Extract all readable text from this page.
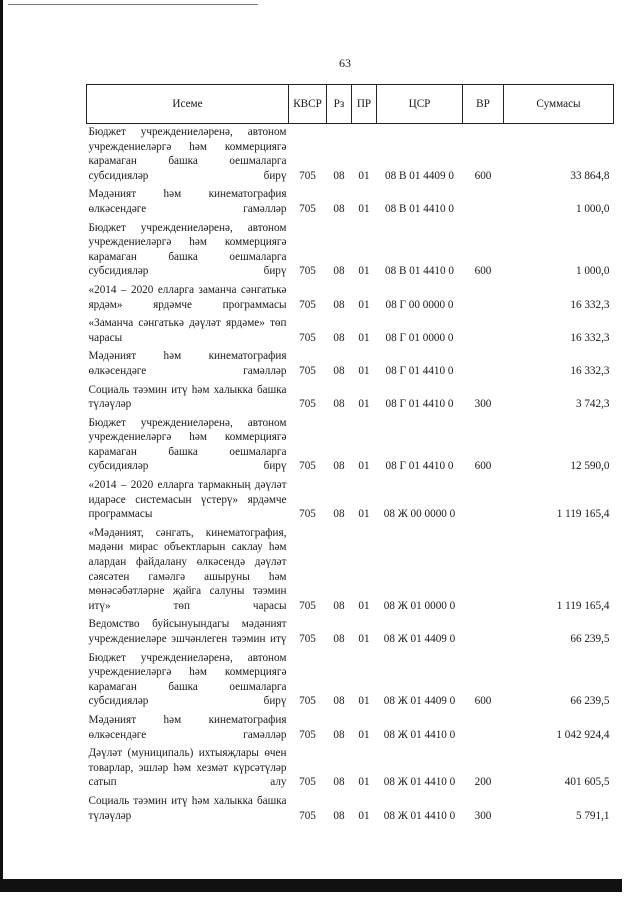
63
Исеме	КВСР	Рз	ПР	ЦСР	ВР	Суммасы
Бюджет учреждениеләренә, автоном учреждениеләргә һәм коммерциягә карамаган башка оешмаларга субсидияләр бирү	705	08	01	08 В 01 4409 0	600	33 864,8
Мәдәният һәм кинематография өлкәсендәге гамәлләр	705	08	01	08 В 01 4410 0		1 000,0
Бюджет учреждениеләренә, автоном учреждениеләргә һәм коммерциягә карамаган башка оешмаларга субсидияләр бирү	705	08	01	08 В 01 4410 0	600	1 000,0
«2014 – 2020 елларга заманча сәнгатькә ярдәм» ярдәмче программасы	705	08	01	08 Г 00 0000 0		16 332,3
«Заманча сәнгатькә дәүләт ярдәме» төп чарасы	705	08	01	08 Г 01 0000 0		16 332,3
Мәдәният һәм кинематография өлкәсендәге гамәлләр	705	08	01	08 Г 01 4410 0		16 332,3
Социаль тәэмин итү һәм халыкка башка түләүләр	705	08	01	08 Г 01 4410 0	300	3 742,3
Бюджет учреждениеләренә, автоном учреждениеләргә һәм коммерциягә карамаган башка оешмаларга субсидияләр бирү	705	08	01	08 Г 01 4410 0	600	12 590,0
«2014 – 2020 елларга тармакның дәүләт идарәсе системасын үстерү» ярдәмче программасы	705	08	01	08 Ж 00 0000 0		1 119 165,4
«Мәдәният, сәнгать, кинематография, мәдәни мирас объектларын саклау һәм алардан файдалану өлкәсендә дәүләт сәясәтен гамәлгә ашыруны һәм мөнәсәбәтләрне җайга салуны тәэмин итү» төп чарасы	705	08	01	08 Ж 01 0000 0		1 119 165,4
Ведомство буйсынуындагы мәдәният учреждениеләре эшчәнлеген тәэмин итү	705	08	01	08 Ж 01 4409 0		66 239,5
Бюджет учреждениеләренә, автоном учреждениеләргә һәм коммерциягә карамаган башка оешмаларга субсидияләр бирү	705	08	01	08 Ж 01 4409 0	600	66 239,5
Мәдәният һәм кинематография өлкәсендәге гамәлләр	705	08	01	08 Ж 01 4410 0		1 042 924,4
Дәүләт (муниципаль) ихтыяҗлары өчен товарлар, эшләр һәм хезмәт күрсәтүләр сатып алу	705	08	01	08 Ж 01 4410 0	200	401 605,5
Социаль тәэмин итү һәм халыкка башка түләүләр	705	08	01	08 Ж 01 4410 0	300	5 791,1
